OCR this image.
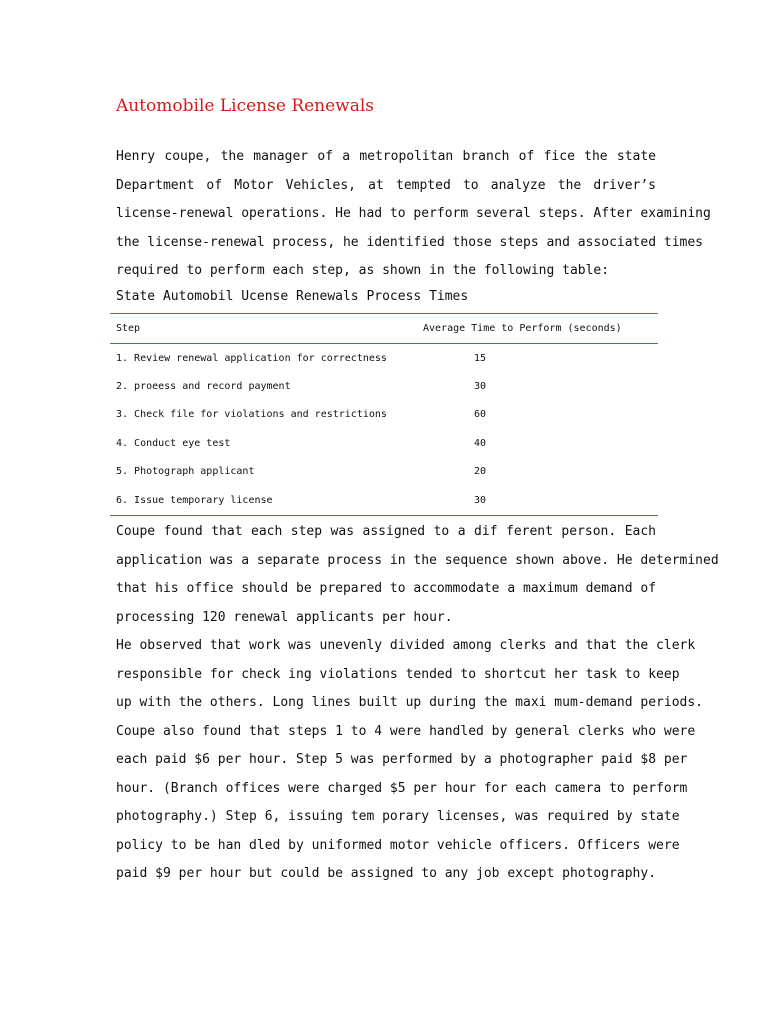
Automobile License Renewals
Henry coupe, the manager of a metropolitan branch of fice the state
Department of Motor Vehicles, at tempted to analyze the driver’s
license-renewal operations. He had to perform several steps. After examining
the license-renewal process, he identified those steps and associated times
required to perform each step, as shown in the following table:
State Automobil Ucense Renewals Process Times
Step	Average Time to Perform (seconds)
1. Review renewal application for correctness	15
2. proeess and record payment	30
3. Check file for violations and restrictions	60
4. Conduct eye test	40
5. Photograph applicant	20
6. Issue temporary license	30
Coupe found that each step was assigned to a dif ferent person. Each
application was a separate process in the sequence shown above. He determined
that his office should be prepared to accommodate a maximum demand of
processing 120 renewal applicants per hour.
He observed that work was unevenly divided among clerks and that the clerk
responsible for check ing violations tended to shortcut her task to keep
up with the others. Long lines built up during the maxi mum-demand periods.
Coupe also found that steps 1 to 4 were handled by general clerks who were
each paid $6 per hour. Step 5 was performed by a photographer paid $8 per
hour. (Branch offices were charged $5 per hour for each camera to perform
photography.) Step 6, issuing tem porary licenses, was required by state
policy to be han dled by uniformed motor vehicle officers. Officers were
paid $9 per hour but could be assigned to any job except photography.
